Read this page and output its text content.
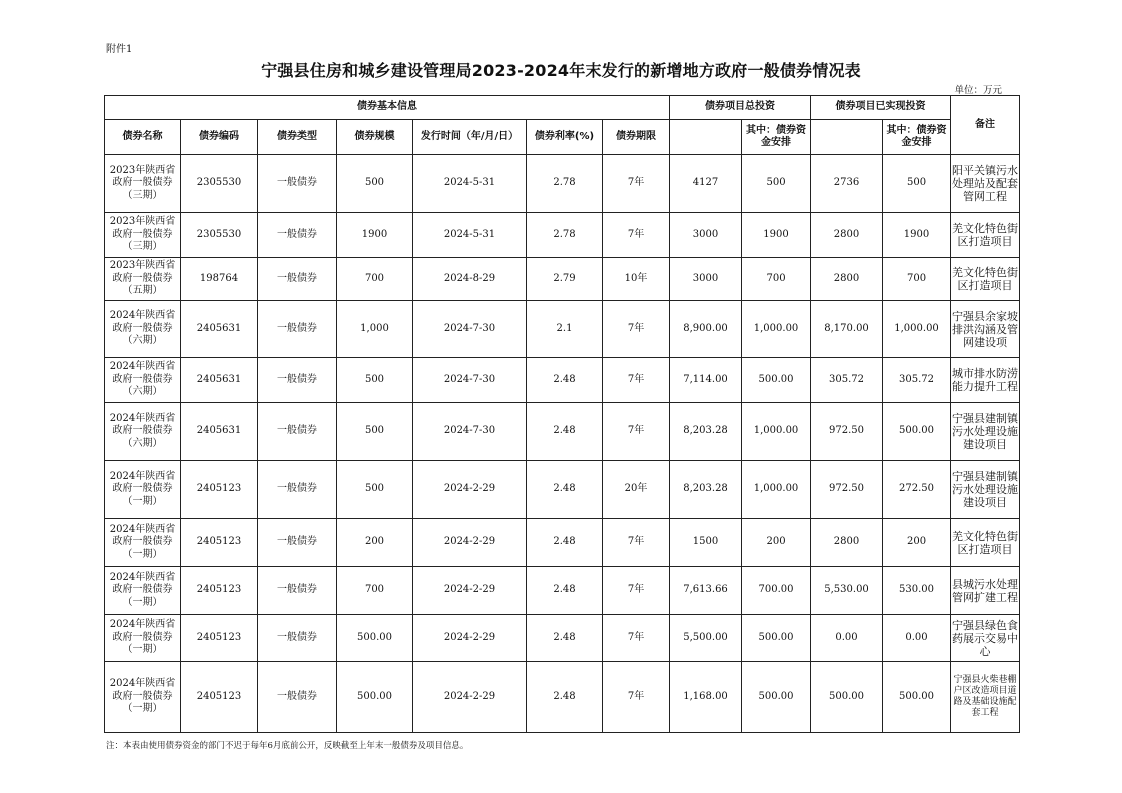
附件1
宁强县住房和城乡建设管理局2023-2024年末发行的新增地方政府一般债券情况表
单位：万元
债券基本信息							债券项目总投资		债券项目已实现投资		备注
债券名称	债券编码	债券类型	债券规模	发行时间（年/月/日）	债券利率(%)	债券期限		其中：债券资金安排		其中：债券资金安排	
2023年陕西省政府一般债券（三期）	2305530	一般债券	500	2024-5-31	2.78	7年	4127	500	2736	500	阳平关镇污水处理站及配套管网工程
2023年陕西省政府一般债券（三期）	2305530	一般债券	1900	2024-5-31	2.78	7年	3000	1900	2800	1900	羌文化特色街区打造项目
2023年陕西省政府一般债券（五期）	198764	一般债券	700	2024-8-29	2.79	10年	3000	700	2800	700	羌文化特色街区打造项目
2024年陕西省政府一般债券（六期）	2405631	一般债券	1,000	2024-7-30	2.1	7年	8,900.00	1,000.00	8,170.00	1,000.00	宁强县余家坡排洪沟涵及管网建设项
2024年陕西省政府一般债券（六期）	2405631	一般债券	500	2024-7-30	2.48	7年	7,114.00	500.00	305.72	305.72	城市排水防涝能力提升工程
2024年陕西省政府一般债券（六期）	2405631	一般债券	500	2024-7-30	2.48	7年	8,203.28	1,000.00	972.50	500.00	宁强县建制镇污水处理设施建设项目
2024年陕西省政府一般债券（一期）	2405123	一般债券	500	2024-2-29	2.48	20年	8,203.28	1,000.00	972.50	272.50	宁强县建制镇污水处理设施建设项目
2024年陕西省政府一般债券（一期）	2405123	一般债券	200	2024-2-29	2.48	7年	1500	200	2800	200	羌文化特色街区打造项目
2024年陕西省政府一般债券（一期）	2405123	一般债券	700	2024-2-29	2.48	7年	7,613.66	700.00	5,530.00	530.00	县城污水处理管网扩建工程
2024年陕西省政府一般债券（一期）	2405123	一般债券	500.00	2024-2-29	2.48	7年	5,500.00	500.00	0.00	0.00	宁强县绿色食药展示交易中心
2024年陕西省政府一般债券（一期）	2405123	一般债券	500.00	2024-2-29	2.48	7年	1,168.00	500.00	500.00	500.00	宁强县火柴巷棚户区改造项目道路及基础设施配套工程
注：本表由使用债券资金的部门不迟于每年6月底前公开，反映截至上年末一般债券及项目信息。
